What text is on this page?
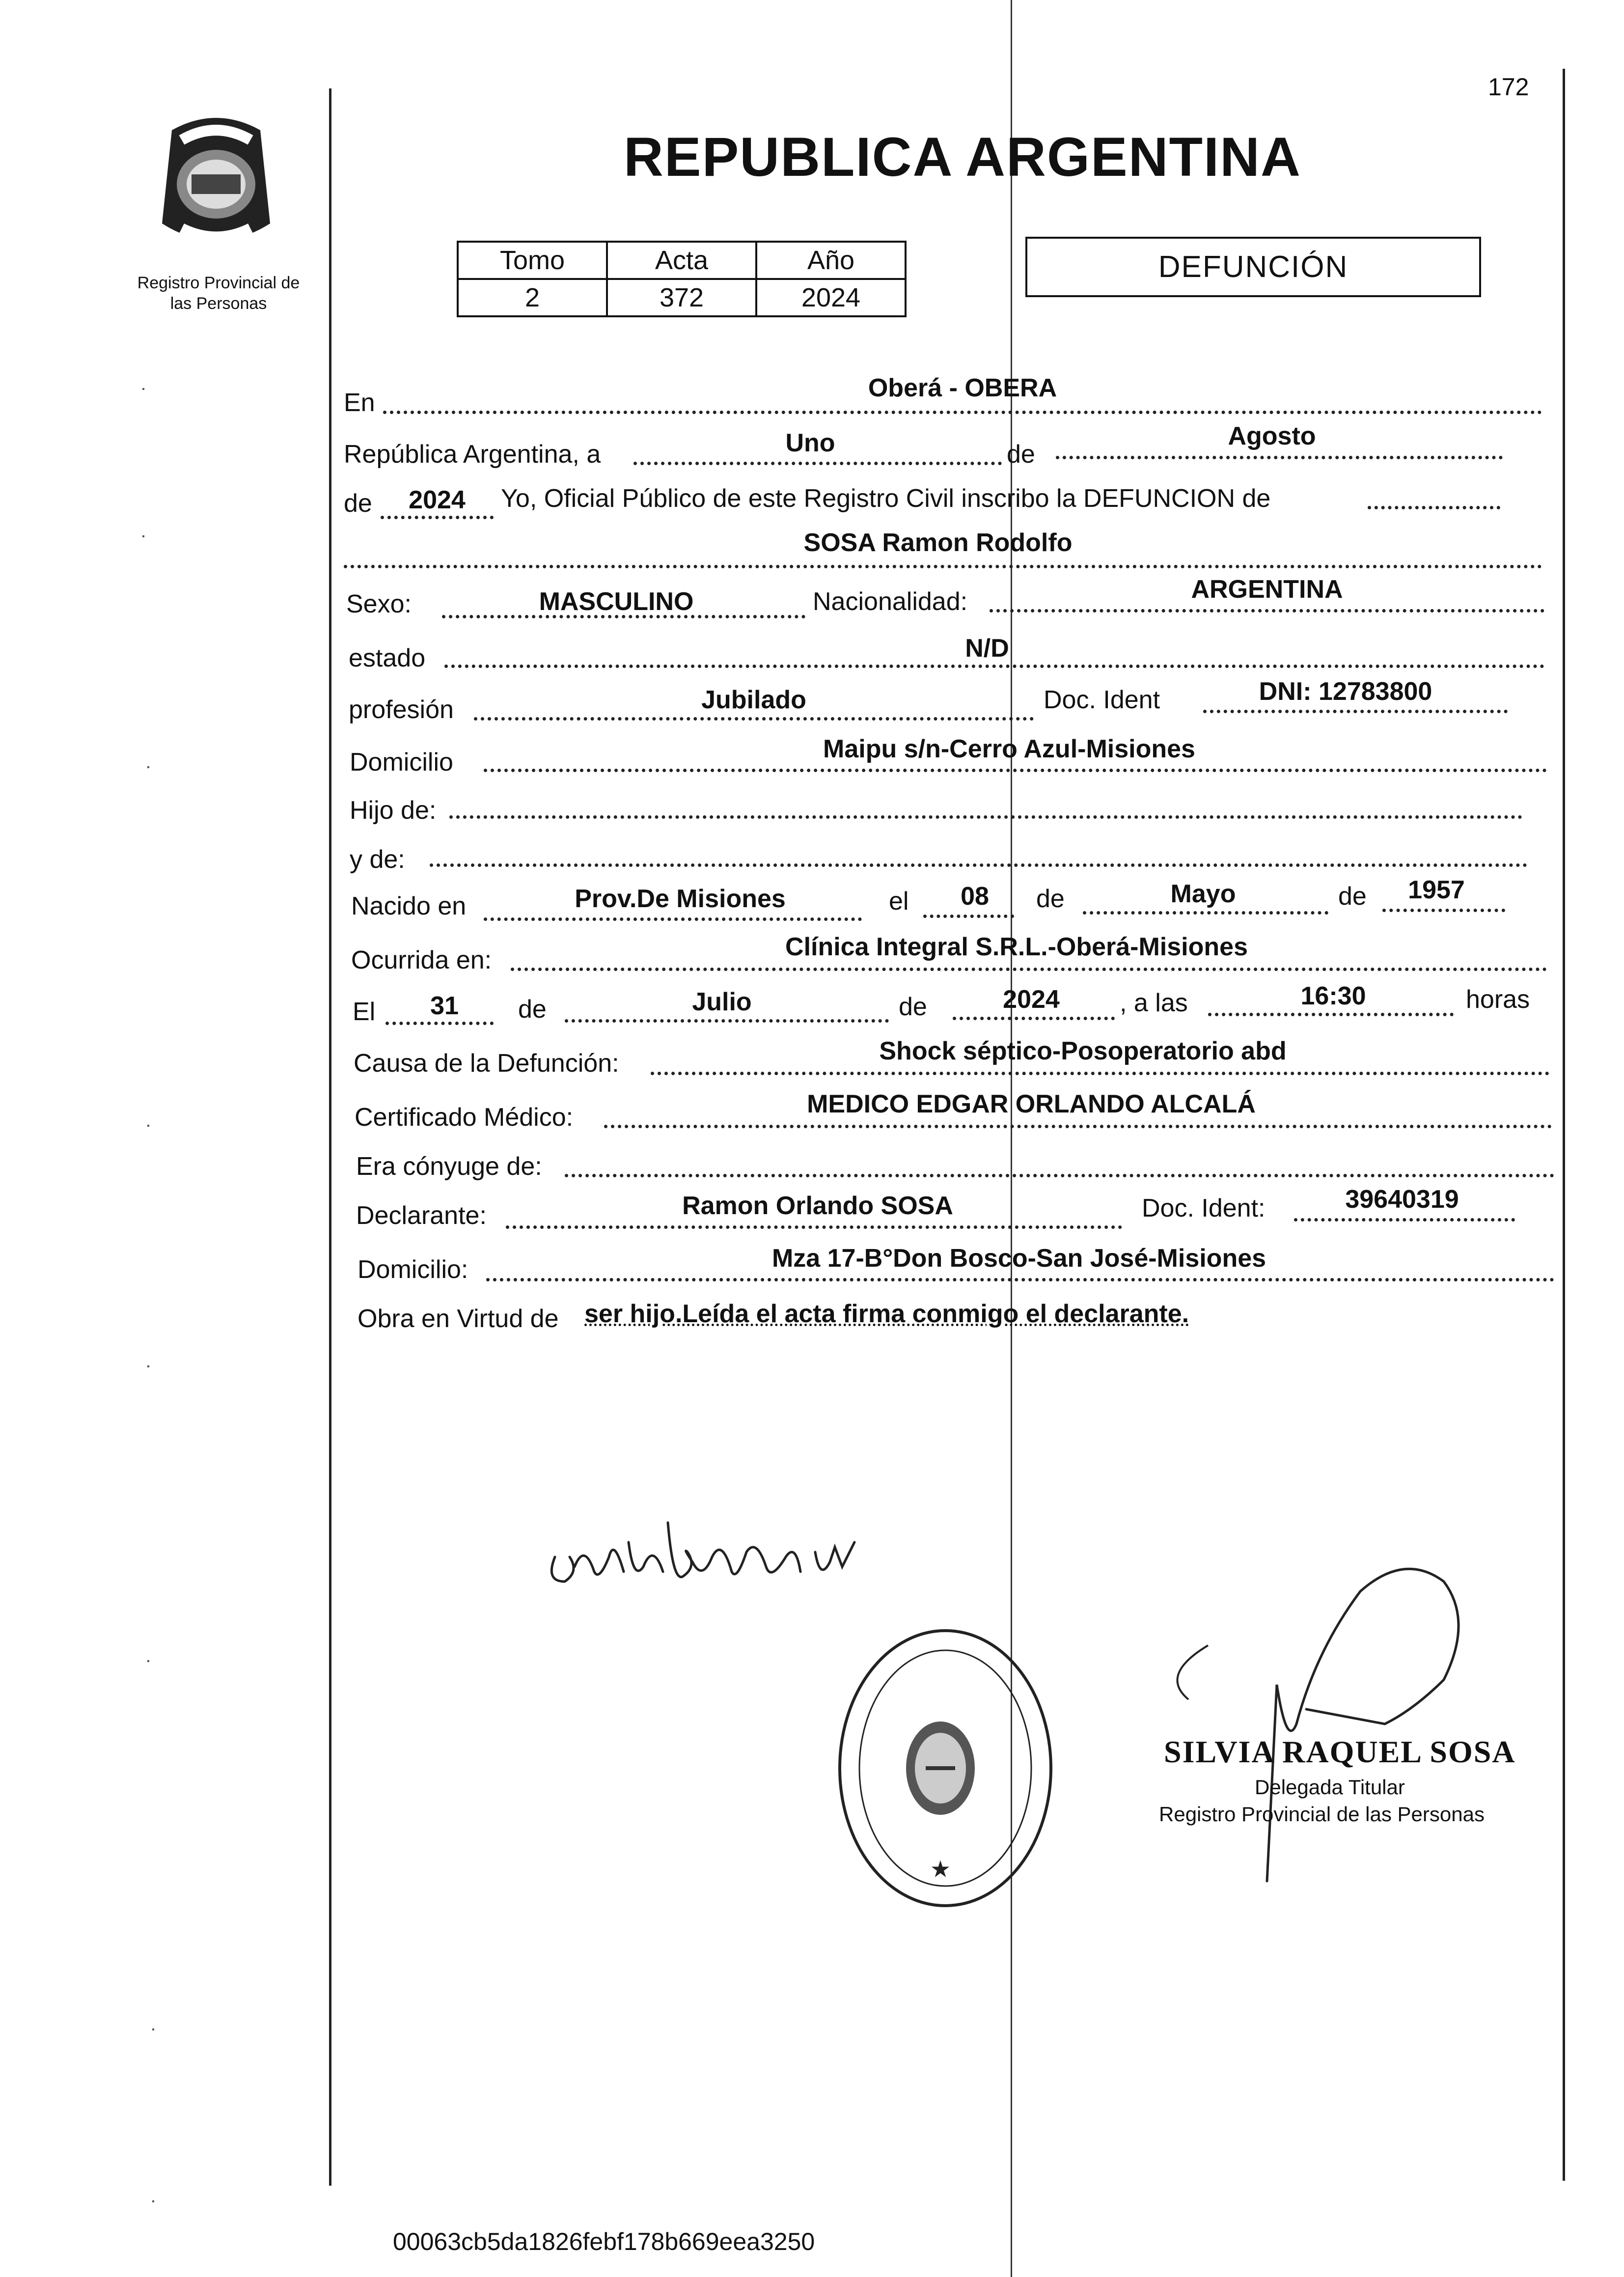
172
Registro Provincial de
las Personas
REPUBLICA ARGENTINA
Tomo	Acta	Año
2	372	2024
DEFUNCIÓN
En
Oberá - OBERA
República Argentina, a	Uno	de
Agosto
de 2024 Yo, Oficial Público de este Registro Civil inscribo la DEFUNCION de
SOSA Ramon Rodolfo
Sexo:	MASCULINO	Nacionalidad:	ARGENTINA
estado	N/D
profesión	Jubilado	Doc. Ident	DNI: 12783800
Domicilio	Maipu s/n-Cerro Azul-Misiones
Hijo de:
y de:
Nacido en	Prov.De Misiones	el 08 de	Mayo	de 1957
Ocurrida en:	Clínica Integral S.R.L.-Oberá-Misiones
El 31 de	Julio	de	2024 , a las	16:30	horas
Causa de la Defunción:	Shock séptico-Posoperatorio abd
Certificado Médico:	MEDICO EDGAR ORLANDO ALCALÁ
Era cónyuge de:
Declarante:	Ramon Orlando SOSA	Doc. Ident:	39640319
Domicilio:	Mza 17-B°Don Bosco-San José-Misiones
Obra en Virtud de ser hijo.Leída el acta firma conmigo el declarante.
★
SILVIA RAQUEL SOSA
Delegada Titular
Registro Provincial de las Personas
00063cb5da1826febf178b669eea3250
